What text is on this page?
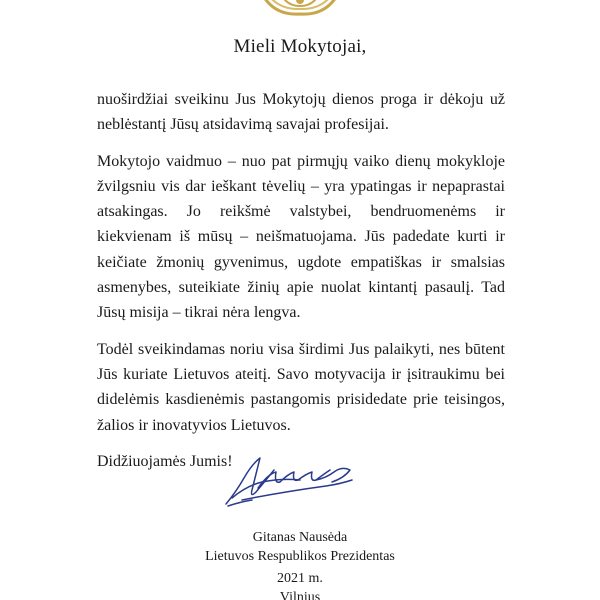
Mieli Mokytojai,

nuoširdžiai sveikinu Jus Mokytojų dienos proga ir dėkoju už neblėstantį Jūsų atsidavimą savajai profesijai.

Mokytojo vaidmuo – nuo pat pirmųjų vaiko dienų mokykloje žvilgsniu vis dar ieškant tėvelių – yra ypatingas ir nepaprastai atsakingas. Jo reikšmė valstybei, bendruomenėms ir kiekvienam iš mūsų – neišmatuojama. Jūs padedate kurti ir keičiate žmonių gyvenimus, ugdote empatiškas ir smalsias asmenybes, suteikiate žinių apie nuolat kintantį pasaulį. Tad Jūsų misija – tikrai nėra lengva.

Todėl sveikindamas noriu visa širdimi Jus palaikyti, nes būtent Jūs kuriate Lietuvos ateitį. Savo motyvacija ir įsitraukimu bei didelėmis kasdienėmis pastangomis prisidedate prie teisingos, žalios ir inovatyvios Lietuvos.

Didžiuojamės Jumis!

Gitanas Nausėda
Lietuvos Respublikos Prezidentas
2021 m.
Vilnius
